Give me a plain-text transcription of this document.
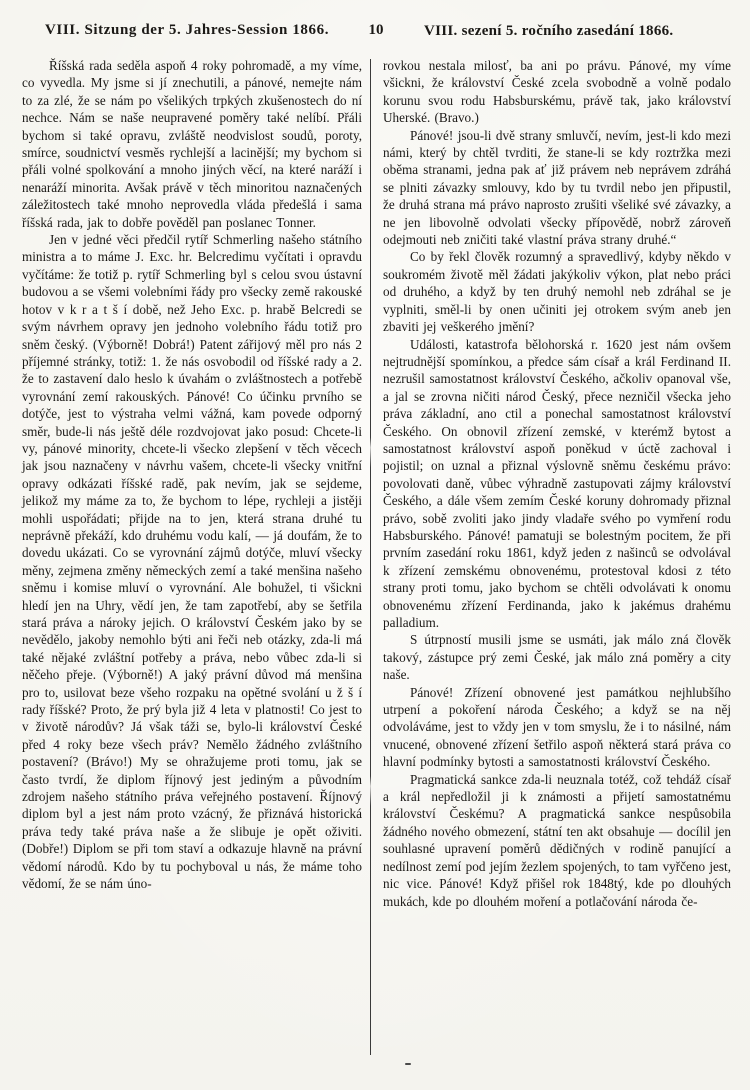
VIII. Sitzung der 5. Jahres-Session 1866.	10	VIII. sezení 5. ročního zasedání 1866.

Říšská rada seděla aspoň 4 roky pohromadě, a my víme, co vyvedla. My jsme si jí znechutili, a pánové, nemejte nám to za zlé, že se nám po všelikých trpkých zkušenostech do ní nechce. Nám se naše neupravené poměry také nelíbí. Přáli bychom si také opravu, zvláště neodvislost soudů, poroty, smírce, soudnictví vesměs rychlejší a lacinější; my bychom si přáli volné spolkování a mnoho jiných věcí, na které naráží i nenaráží minorita. Avšak právě v těch minoritou naznačených záležitostech také mnoho neprovedla vláda předešlá i sama říšská rada, jak to dobře pověděl pan poslanec Tonner.

Jen v jedné věci předčil rytíř Schmerling našeho státního ministra a to máme J. Exc. hr. Belcredimu vyčítati i opravdu vyčítáme: že totiž p. rytíř Schmerling byl s celou svou ústavní budovou a se všemi volebními řády pro všecky země rakouské hotov v k r a t š í době, než Jeho Exc. p. hrabě Belcredi se svým návrhem opravy jen jednoho volebního řádu totiž pro sněm český. (Výborně! Dobrá!) Patent zářijový měl pro nás 2 příjemné stránky, totiž: 1. že nás osvobodil od říšské rady a 2. že to zastavení dalo heslo k úvahám o zvláštnostech a potřebě vyrovnání zemí rakouských. Pánové! Co účinku prvního se dotýče, jest to výstraha velmi vážná, kam povede odporný směr, bude-li nás ještě déle rozdvojovat jako posud: Chcete-li vy, pánové minority, chcete-li všecko zlepšení v těch věcech jak jsou naznačeny v návrhu vašem, chcete-li všecky vnitřní opravy odkázati říšské radě, pak nevím, jak se sejdeme, jelikož my máme za to, že bychom to lépe, rychleji a jistěji mohli uspořádati; přijde na to jen, která strana druhé tu neprávně překáží, kdo druhému vodu kalí, — já doufám, že to dovedu ukázati. Co se vyrovnání zájmů dotýče, mluví všecky měny, zejmena změny německých zemí a také menšina našeho sněmu i komise mluví o vyrovnání. Ale bohužel, ti všickni hledí jen na Uhry, vědí jen, že tam zapotřebí, aby se šetřila stará práva a nároky jejich. O království Českém jako by se nevědělo, jakoby nemohlo býti ani řeči neb otázky, zda-li má také nějaké zvláštní potřeby a práva, nebo vůbec zda-li si něčeho přeje. (Výborně!) A jaký právní důvod má menšina pro to, usilovat beze všeho rozpaku na opětné svolání u ž š í rady říšské? Proto, že prý byla již 4 leta v platnosti! Co jest to v životě národův? Já však táži se, bylo-li království České před 4 roky beze všech práv? Nemělo žádného zvláštního postavení? (Brávo!) My se ohražujeme proti tomu, jak se často tvrdí, že diplom říjnový jest jediným a původním zdrojem našeho státního práva veřejného postavení. Říjnový diplom byl a jest nám proto vzácný, že přiznává historická práva tedy také práva naše a že slibuje je opět oživiti. (Dobře!) Diplom se při tom staví a odkazuje hlavně na právní vědomí národů. Kdo by tu pochyboval u nás, že máme toho vědomí, že se nám úno-

rovkou nestala milosť, ba ani po právu. Pánové, my víme všickni, že království České zcela svobodně a volně podalo korunu svou rodu Habsburskému, právě tak, jako království Uherské. (Bravo.)

Pánové! jsou-li dvě strany smluvčí, nevím, jest-li kdo mezi námi, který by chtěl tvrditi, že stane-li se kdy roztržka mezi oběma stranami, jedna pak ať již právem neb neprávem zdráhá se plniti závazky smlouvy, kdo by tu tvrdil nebo jen připustil, že druhá strana má právo naprosto zrušiti všeliké své závazky, a ne jen libovolně odvolati všecky přípovědě, nobrž zároveň odejmouti neb zničiti také vlastní práva strany druhé.“

Co by řekl člověk rozumný a spravedlivý, kdyby někdo v soukromém životě měl žádati jakýkoliv výkon, plat nebo práci od druhého, a když by ten druhý nemohl neb zdráhal se je vyplniti, směl-li by onen učiniti jej otrokem svým aneb jen zbaviti jej veškerého jmění?

Události, katastrofa bělohorská r. 1620 jest nám ovšem nejtrudnější spomínkou, a předce sám císař a král Ferdinand II. nezrušil samostatnost království Českého, ačkoliv opanoval vše, a jal se zrovna ničiti národ Český, přece nezničil všecka jeho práva základní, ano ctil a ponechal samostatnost království Českého. On obnovil zřízení zemské, v kterémž bytost a samostatnost království aspoň poněkud v úctě zachoval i pojistil; on uznal a přiznal výslovně sněmu českému právo: povolovati daně, vůbec výhradně zastupovati zájmy království Českého, a dále všem zemím České koruny dohromady přiznal právo, sobě zvoliti jako jindy vladaře svého po vymření rodu Habsburského. Pánové! pamatuji se bolestným pocitem, že při prvním zasedání roku 1861, když jeden z našinců se odvolával k zřízení zemskému obnovenému, protestoval kdosi z této strany proti tomu, jako bychom se chtěli odvolávati k onomu obnovenému zřízení Ferdinanda, jako k jakémus drahému palladium.

S útrpností musili jsme se usmáti, jak málo zná člověk takový, zástupce prý zemi České, jak málo zná poměry a city naše.

Pánové! Zřízení obnovené jest památkou nejhlubšího utrpení a pokoření národa Českého; a když se na něj odvoláváme, jest to vždy jen v tom smyslu, že i to násilné, nám vnucené, obnovené zřízení šetřilo aspoň některá stará práva co hlavní podmínky bytosti a samostatnosti království Českého.

Pragmatická sankce zda-li neuznala totéž, což tehdáž císař a král nepředložil ji k známosti a přijetí samostatnému království Českému? A pragmatická sankce nespůsobila žádného nového obmezení, státní ten akt obsahuje — docílil jen souhlasné upravení poměrů dědičných v rodině panující a nedílnost zemí pod jejím žezlem spojených, to tam vyřčeno jest, nic vice. Pánové! Když přišel rok 1848tý, kde po dlouhých mukách, kde po dlouhém moření a potlačování národa če-
